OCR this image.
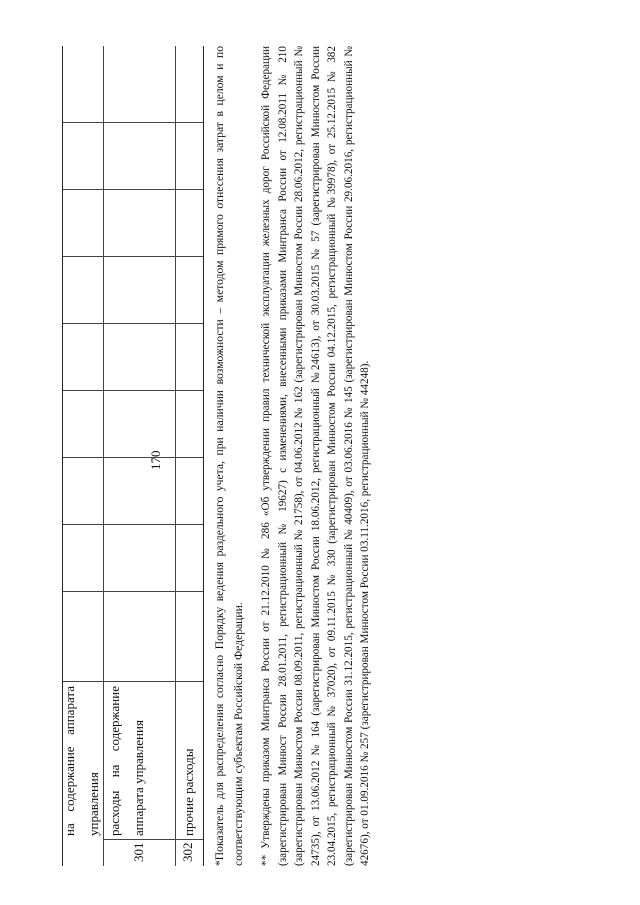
170
на содержание аппарата управления
301
расходы на содержание аппарата управления
302
прочие расходы	*Показатель для распределения согласно Порядку ведения раздельного учета, при наличии возможности – методом прямого отнесения затрат в целом и по соответствующим субъектам Российской Федерации. ** Утверждены приказом Минтранса России от 21.12.2010 № 286 «Об утверждении правил технической эксплуатации железных дорог Российской Федерации (зарегистрирован Минюст России 28.01.2011, регистрационный № 19627) с изменениями, внесенными приказами Минтранса России от 12.08.2011 № 210 (зарегистрирован Минюстом России 08.09.2011, регистрационный № 21758), от 04.06.2012 № 162 (зарегистрирован Минюстом России 28.06.2012, регистрационный № 24735), от 13.06.2012 № 164 (зарегистрирован Минюстом России 18.06.2012, регистрационный №24613), от 30.03.2015 № 57 (зарегистрирован Минюстом России 23.04.2015, регистрационный № 37020), от 09.11.2015 № 330 (зарегистрирован Минюстом России 04.12.2015, регистрационный №39978), от 25.12.2015 № 382 (зарегистрирован Минюстом России 31.12.2015, регистрационный № 40409), от 03.06.2016 № 145 (зарегистрирован Минюстом России 29.06.2016, регистрационный № 42676), от 01.09.2016 № 257 (зарегистрирован Минюстом России 03.11.2016, регистрационный № 44248).
